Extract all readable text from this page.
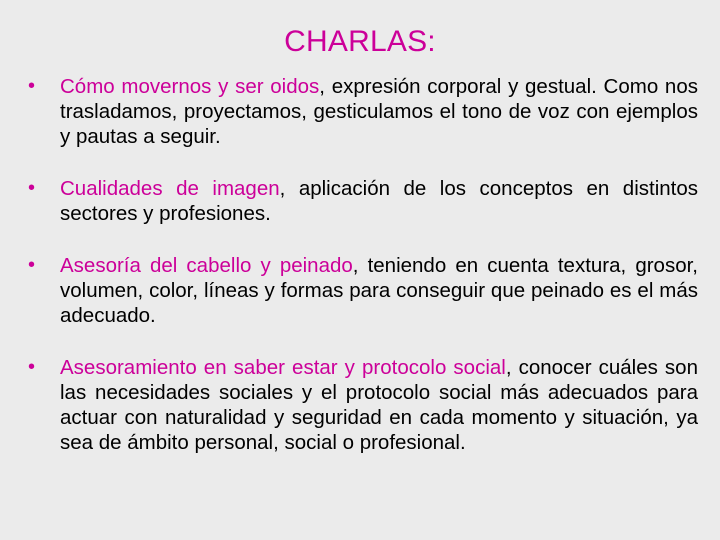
CHARLAS:
• Cómo movernos y ser oidos, expresión corporal y gestual. Como nos trasladamos, proyectamos, gesticulamos el tono de voz con ejemplos y pautas a seguir.
• Cualidades de imagen, aplicación de los conceptos en distintos sectores y profesiones.
• Asesoría del cabello y peinado, teniendo en cuenta textura, grosor, volumen, color, líneas y formas para conseguir que peinado es el más adecuado.
• Asesoramiento en saber estar y protocolo social, conocer cuáles son las necesidades sociales y el protocolo social más adecuados para actuar con naturalidad y seguridad en cada momento y situación, ya sea de ámbito personal, social o profesional.
